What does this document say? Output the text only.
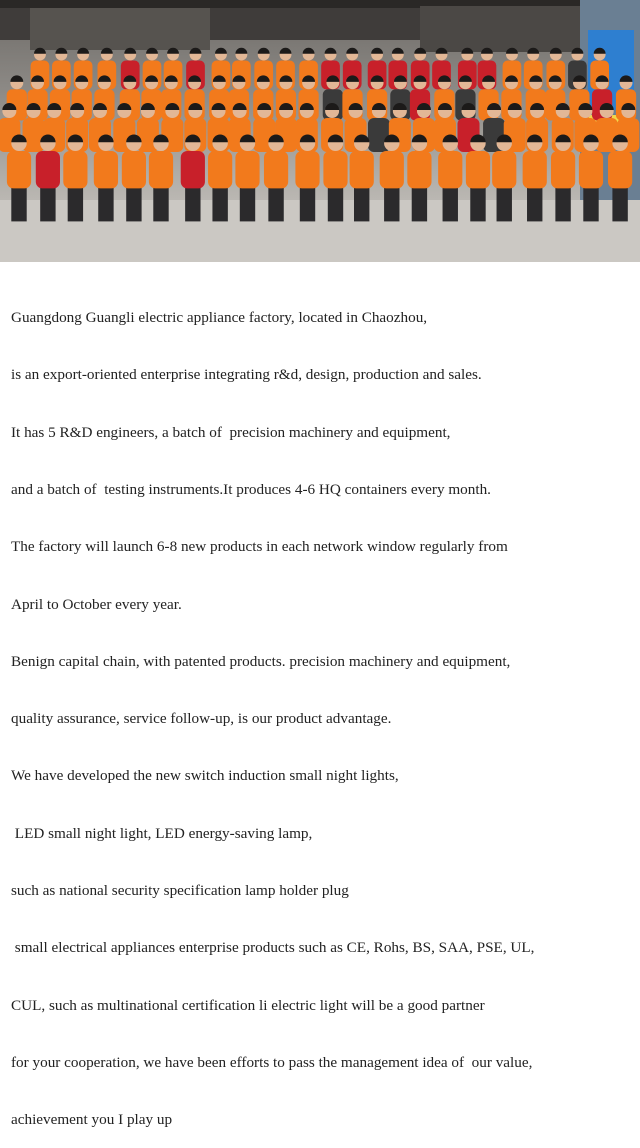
Guangdong Guangli electric appliance factory, located in Chaozhou,

is an export-oriented enterprise integrating r&d, design, production and sales.

It has 5 R&D engineers, a batch of  precision machinery and equipment,

and a batch of  testing instruments.It produces 4-6 HQ containers every month.

The factory will launch 6-8 new products in each network window regularly from

April to October every year.

Benign capital chain, with patented products. precision machinery and equipment,

quality assurance, service follow-up, is our product advantage.

We have developed the new switch induction small night lights,

LED small night light, LED energy-saving lamp,

such as national security specification lamp holder plug

small electrical appliances enterprise products such as CE, Rohs, BS, SAA, PSE, UL,

CUL, such as multinational certification li electric light will be a good partner

for your cooperation, we have been efforts to pass the management idea of  our value,

achievement you I play up
